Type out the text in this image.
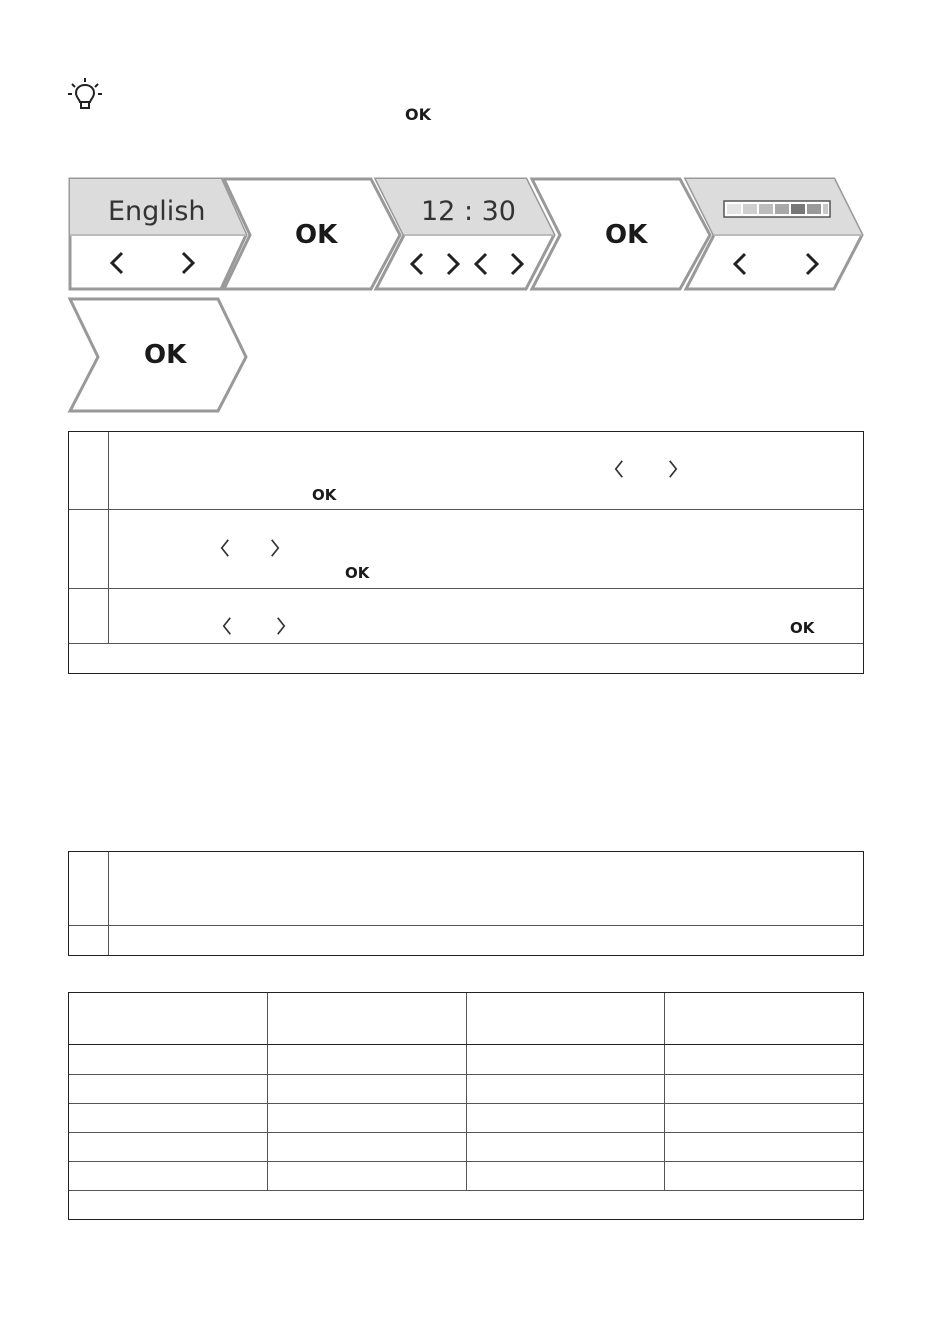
OK
English
OK
12 : 30
OK
OK
OK
OK
OK
